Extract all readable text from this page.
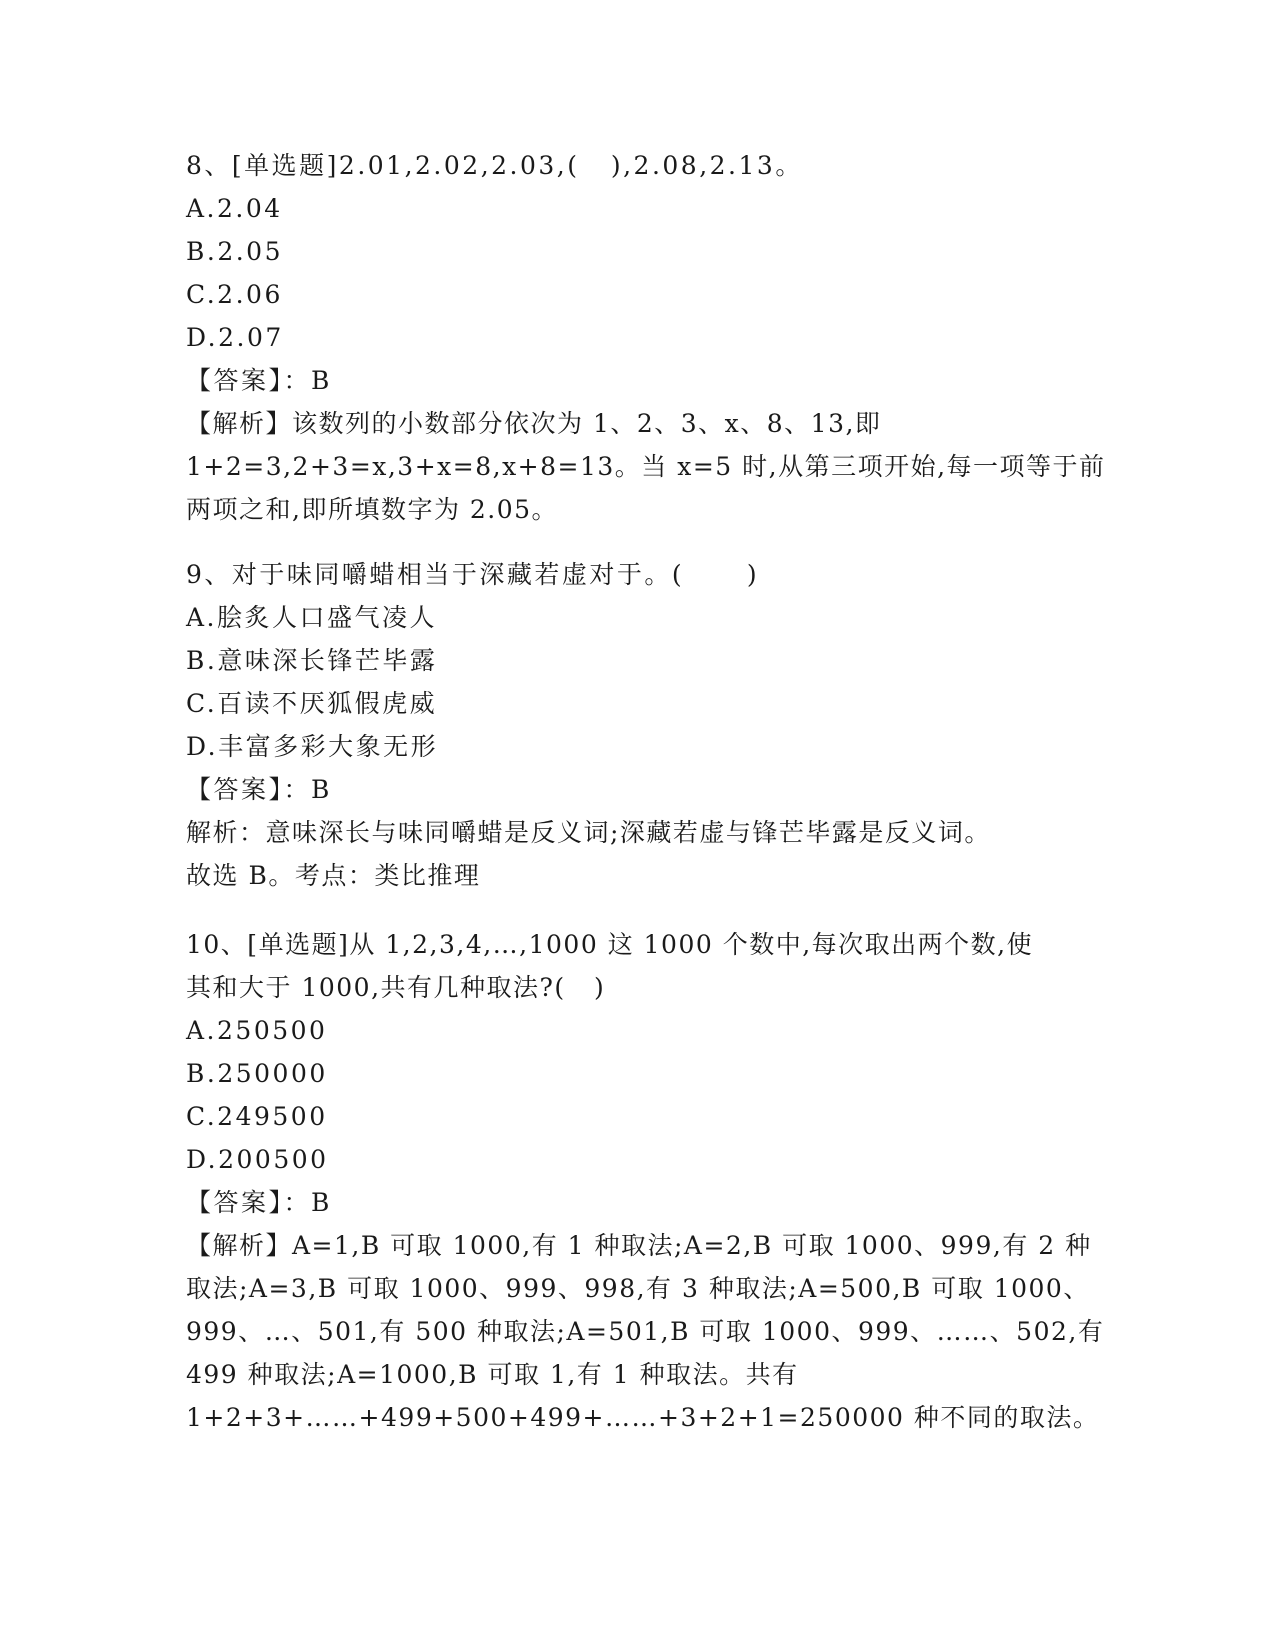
8、[单选题]2.01,2.02,2.03,(   ),2.08,2.13。
A.2.04
B.2.05
C.2.06
D.2.07
【答案】：B
【解析】该数列的小数部分依次为 1、2、3、x、8、13,即
1+2=3,2+3=x,3+x=8,x+8=13。当 x=5 时,从第三项开始,每一项等于前
两项之和,即所填数字为 2.05。
9、对于味同嚼蜡相当于深藏若虚对于。(      )
A.脍炙人口盛气凌人
B.意味深长锋芒毕露
C.百读不厌狐假虎威
D.丰富多彩大象无形
【答案】：B
解析：意味深长与味同嚼蜡是反义词;深藏若虚与锋芒毕露是反义词。
故选 B。考点：类比推理
10、[单选题]从 1,2,3,4,…,1000 这 1000 个数中,每次取出两个数,使
其和大于 1000,共有几种取法?(   )
A.250500
B.250000
C.249500
D.200500
【答案】：B
【解析】A=1,B 可取 1000,有 1 种取法;A=2,B 可取 1000、999,有 2 种
取法;A=3,B 可取 1000、999、998,有 3 种取法;A=500,B 可取 1000、
999、…、501,有 500 种取法;A=501,B 可取 1000、999、……、502,有
499 种取法;A=1000,B 可取 1,有 1 种取法。共有
1+2+3+……+499+500+499+……+3+2+1=250000 种不同的取法。
